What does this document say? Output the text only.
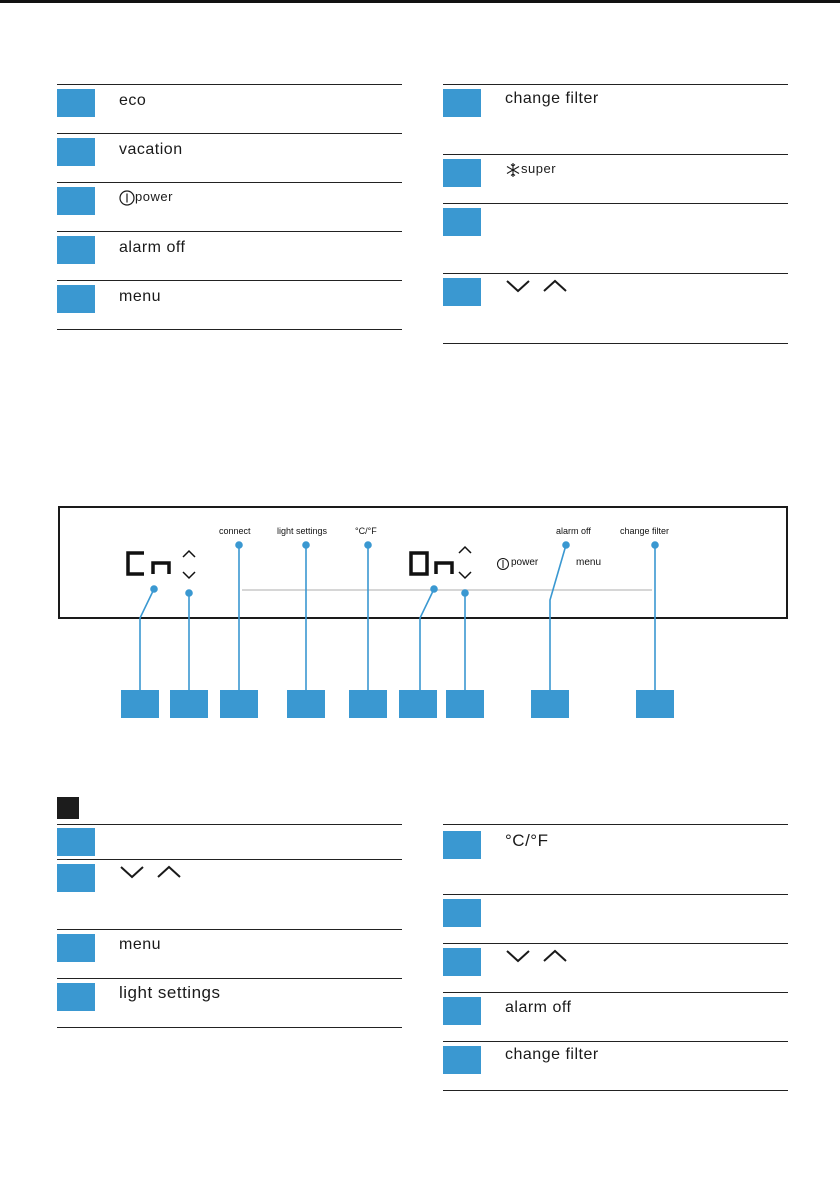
eco
vacation
power
alarm off
menu
change filter
super

connect	light settings	°C/°F	alarm off	change filter
power	menu

menu
light settings
°C/°F

alarm off
change filter
